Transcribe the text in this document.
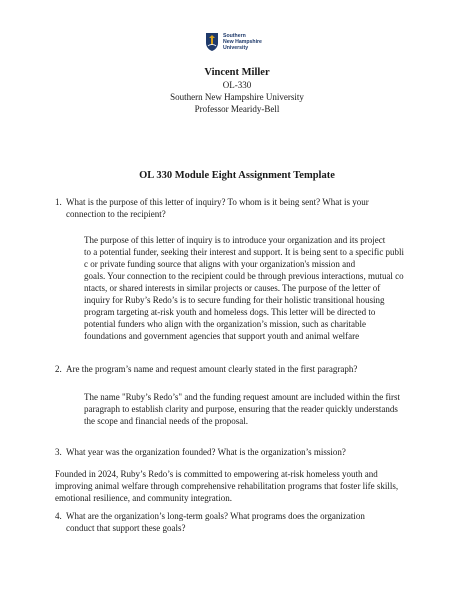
Southern
New Hampshire
University

Vincent Miller

OL-330

Southern New Hampshire University

Professor Mearidy-Bell

OL 330 Module Eight Assignment Template

1. What is the purpose of this letter of inquiry? To whom is it being sent? What is your
connection to the recipient?
The purpose of this letter of inquiry is to introduce your organization and its project
to a potential funder, seeking their interest and support. It is being sent to a specific publi
c or private funding source that aligns with your organization's mission and
goals. Your connection to the recipient could be through previous interactions, mutual co
ntacts, or shared interests in similar projects or causes. The purpose of the letter of
inquiry for Ruby’s Redo’s is to secure funding for their holistic transitional housing
program targeting at-risk youth and homeless dogs. This letter will be directed to
potential funders who align with the organization’s mission, such as charitable
foundations and government agencies that support youth and animal welfare
2. Are the program’s name and request amount clearly stated in the first paragraph?
The name "Ruby’s Redo’s" and the funding request amount are included within the first
paragraph to establish clarity and purpose, ensuring that the reader quickly understands
the scope and financial needs of the proposal.
3. What year was the organization founded? What is the organization’s mission?
Founded in 2024, Ruby’s Redo’s is committed to empowering at-risk homeless youth and
improving animal welfare through comprehensive rehabilitation programs that foster life skills,
emotional resilience, and community integration.
4. What are the organization’s long-term goals? What programs does the organization
conduct that support these goals?
